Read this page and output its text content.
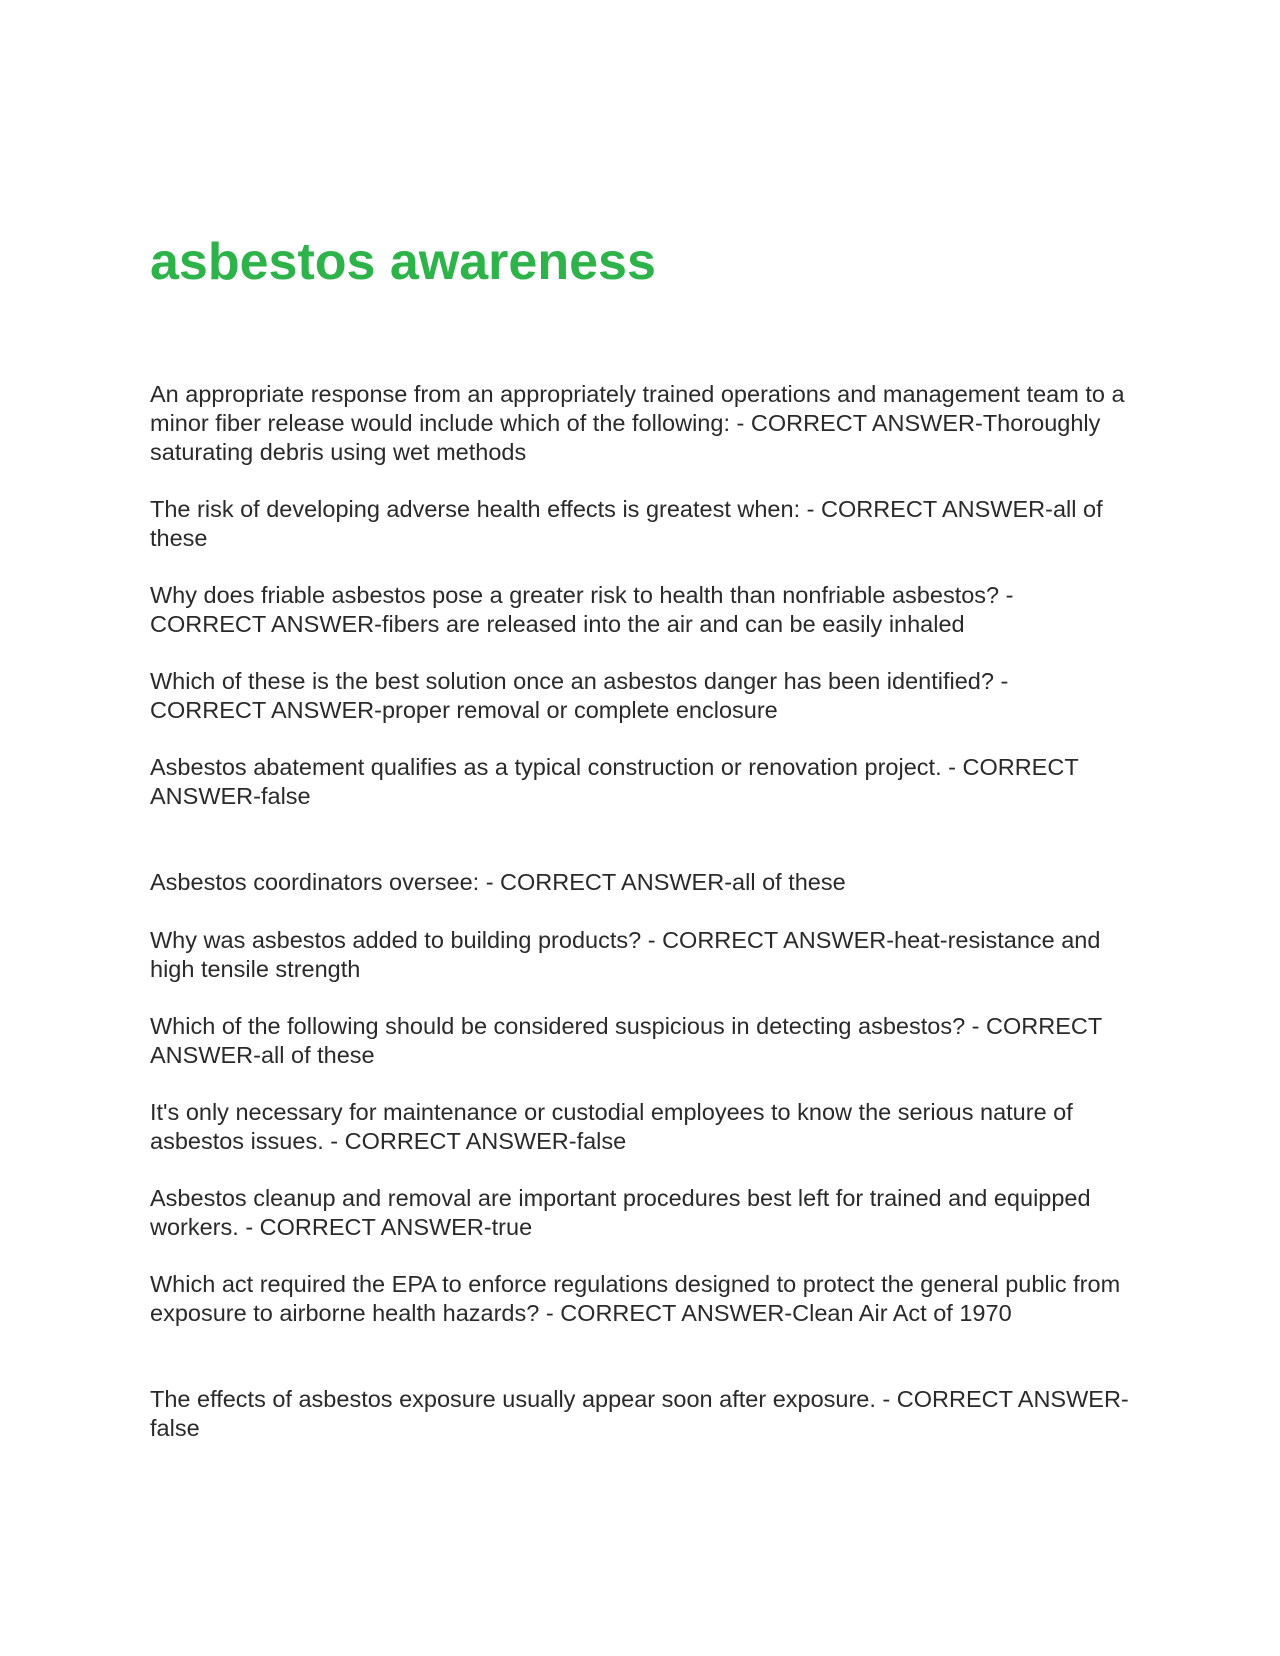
asbestos awareness

An appropriate response from an appropriately trained operations and management team to a minor fiber release would include which of the following: - CORRECT ANSWER-Thoroughly saturating debris using wet methods

The risk of developing adverse health effects is greatest when: - CORRECT ANSWER-all of these

Why does friable asbestos pose a greater risk to health than nonfriable asbestos? - CORRECT ANSWER-fibers are released into the air and can be easily inhaled

Which of these is the best solution once an asbestos danger has been identified? - CORRECT ANSWER-proper removal or complete enclosure

Asbestos abatement qualifies as a typical construction or renovation project. - CORRECT ANSWER-false

Asbestos coordinators oversee: - CORRECT ANSWER-all of these

Why was asbestos added to building products? - CORRECT ANSWER-heat-resistance and high tensile strength

Which of the following should be considered suspicious in detecting asbestos? - CORRECT ANSWER-all of these

It's only necessary for maintenance or custodial employees to know the serious nature of asbestos issues. - CORRECT ANSWER-false

Asbestos cleanup and removal are important procedures best left for trained and equipped workers. - CORRECT ANSWER-true

Which act required the EPA to enforce regulations designed to protect the general public from exposure to airborne health hazards? - CORRECT ANSWER-Clean Air Act of 1970

The effects of asbestos exposure usually appear soon after exposure. - CORRECT ANSWER-false
